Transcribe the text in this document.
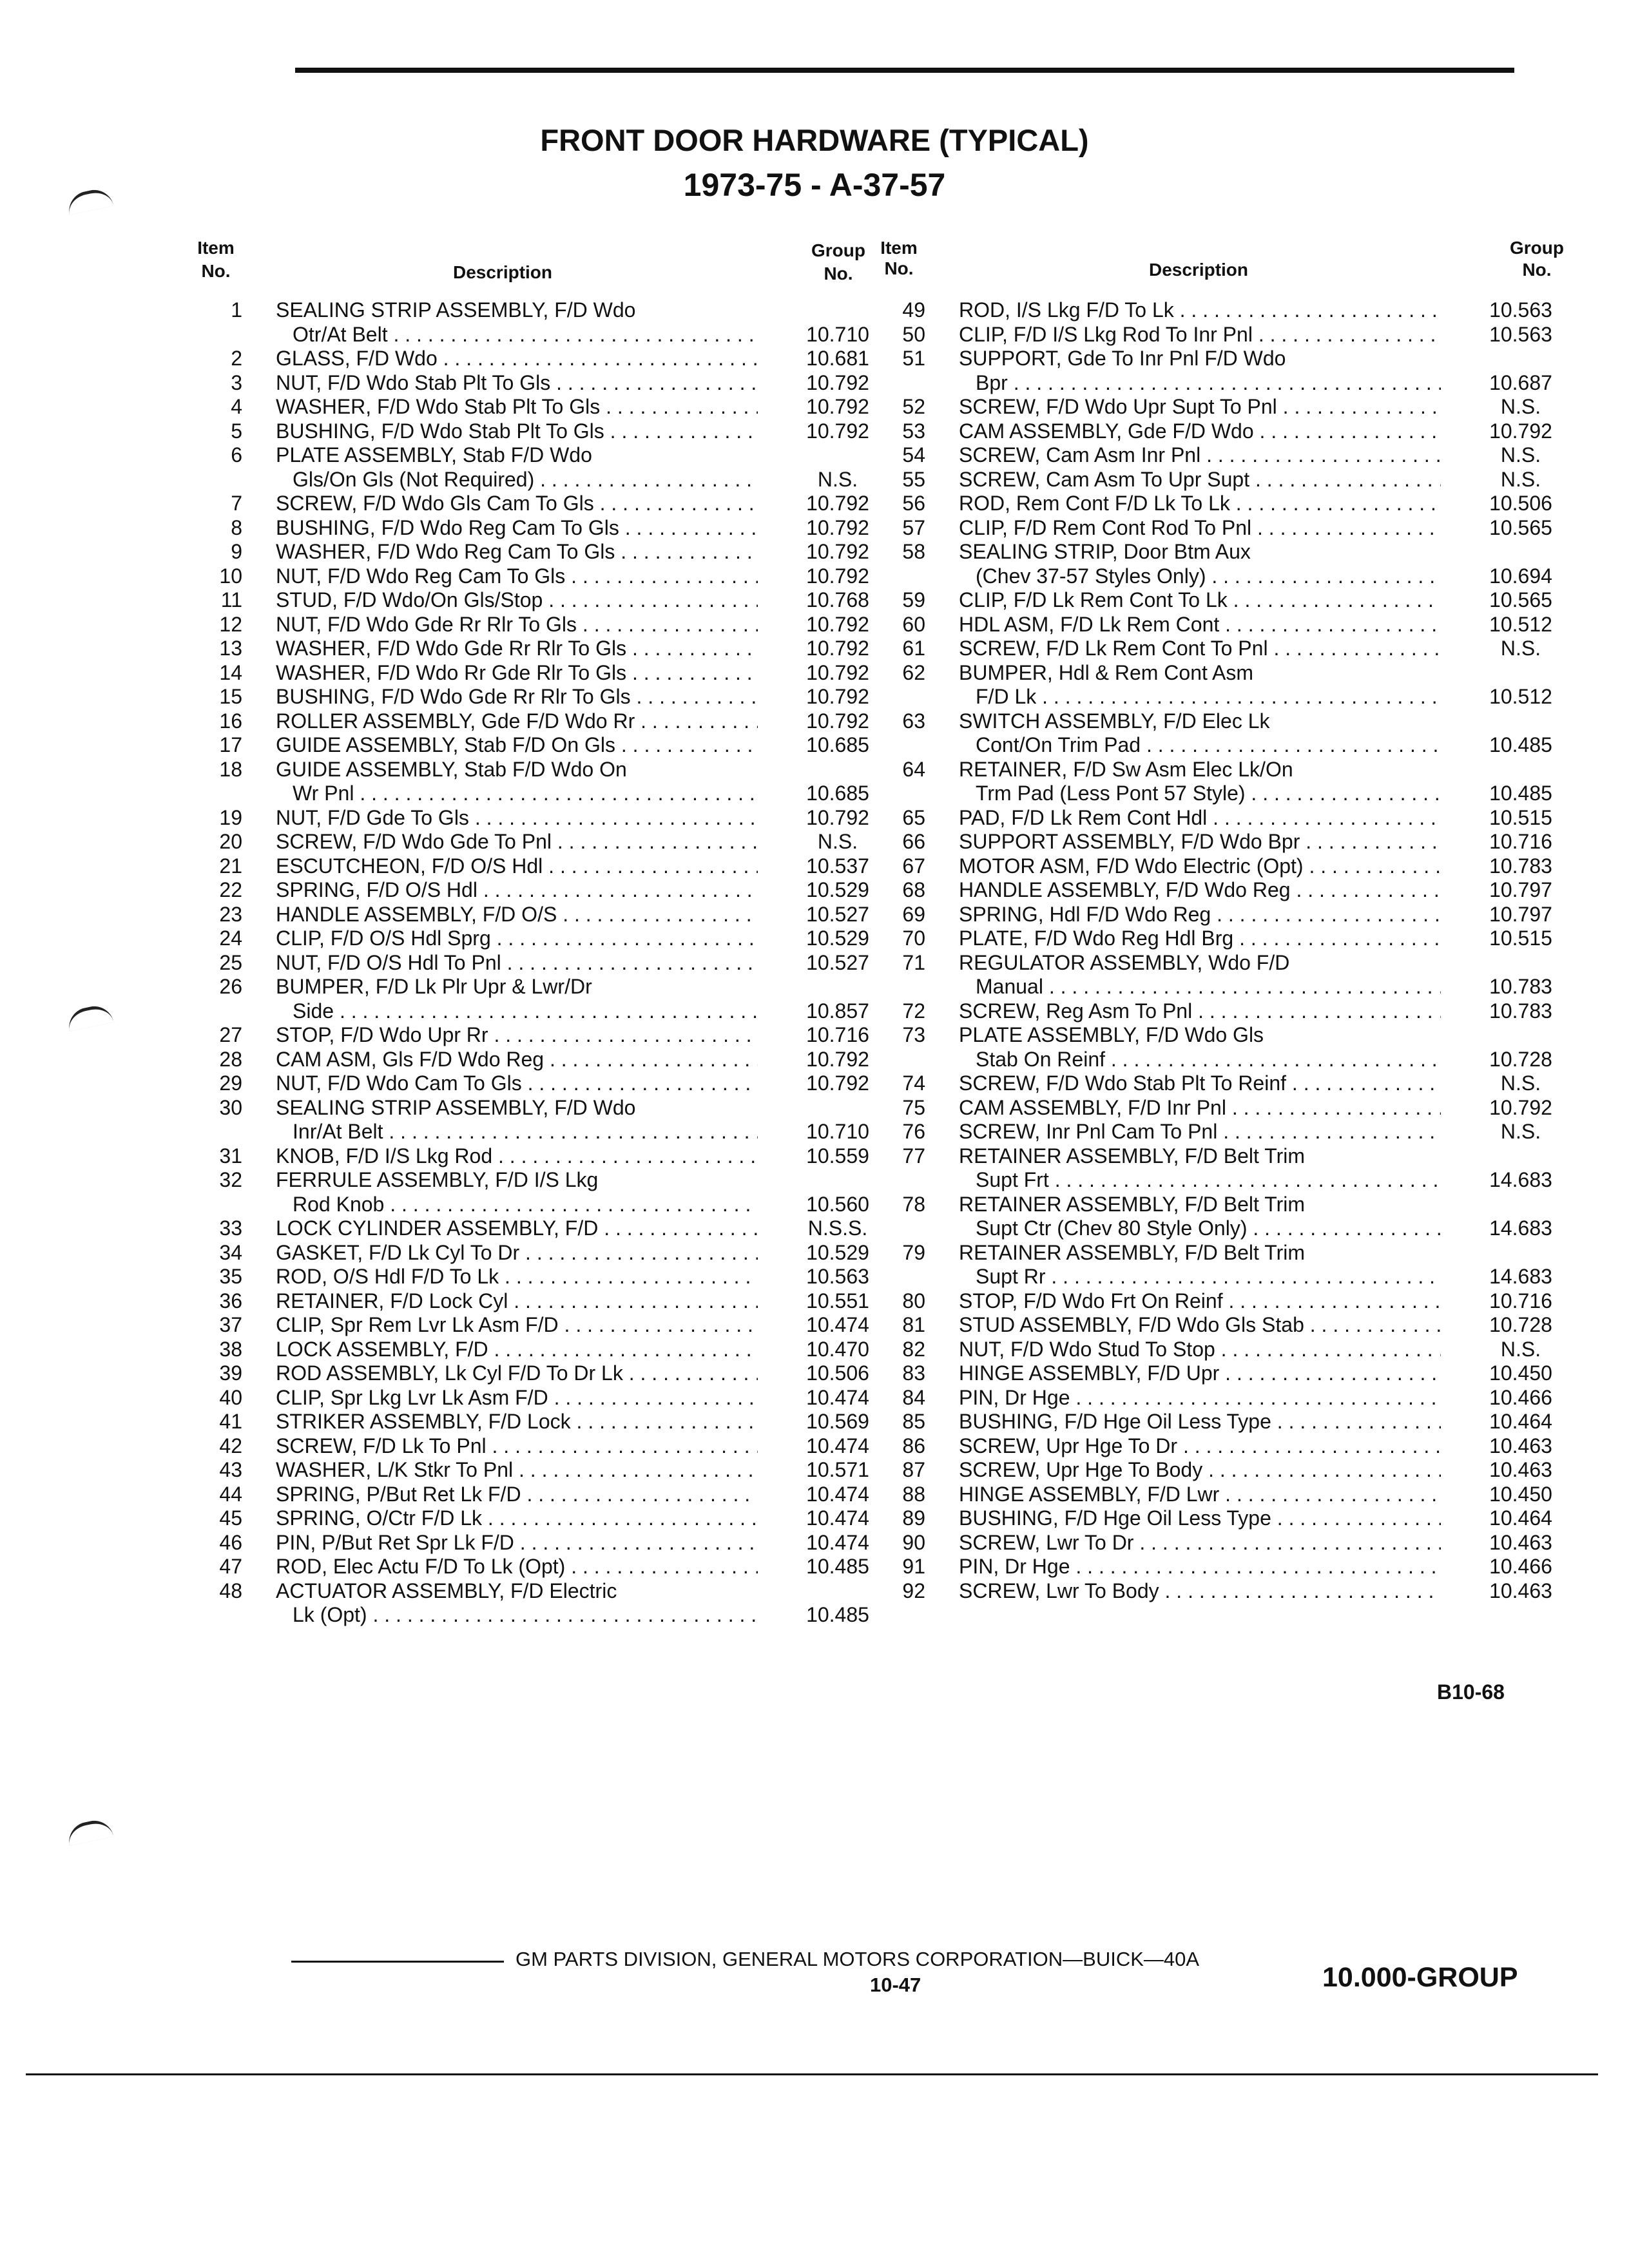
FRONT DOOR HARDWARE (TYPICAL)
1973-75 - A-37-57
Item
No.	Description
Group
No.
1 SEALING STRIP ASSEMBLY, F/D Wdo
Otr/At Belt . . .	10.710
2 GLASS, F/D Wdo . . .	10.681
3 NUT, F/D Wdo Stab Plt To Gls . . .	10.792
4 WASHER, F/D Wdo Stab Plt To Gls . . .	10.792
5 BUSHING, F/D Wdo Stab Plt To Gls . . .	10.792
6 PLATE ASSEMBLY, Stab F/D Wdo
Gls/On Gls (Not Required) . . .	N.S.
7 SCREW, F/D Wdo Gls Cam To Gls . . .	10.792
8 BUSHING, F/D Wdo Reg Cam To Gls . . .	10.792
9 WASHER, F/D Wdo Reg Cam To Gls . . .	10.792
10 NUT, F/D Wdo Reg Cam To Gls . . .	10.792
11 STUD, F/D Wdo/On Gls/Stop . . .	10.768
12 NUT, F/D Wdo Gde Rr Rlr To Gls . . .	10.792
13 WASHER, F/D Wdo Gde Rr Rlr To Gls . . .	10.792
14 WASHER, F/D Wdo Rr Gde Rlr To Gls . . .	10.792
15 BUSHING, F/D Wdo Gde Rr Rlr To Gls . . .	10.792
16 ROLLER ASSEMBLY, Gde F/D Wdo Rr . . .	10.792
17 GUIDE ASSEMBLY, Stab F/D On Gls . . .	10.685
18 GUIDE ASSEMBLY, Stab F/D Wdo On
Wr Pnl . . .	10.685
19 NUT, F/D Gde To Gls . . .	10.792
20 SCREW, F/D Wdo Gde To Pnl . . .	N.S.
21 ESCUTCHEON, F/D O/S Hdl . . .	10.537
22 SPRING, F/D O/S Hdl . . .	10.529
23 HANDLE ASSEMBLY, F/D O/S . . .	10.527
24 CLIP, F/D O/S Hdl Sprg . . .	10.529
25 NUT, F/D O/S Hdl To Pnl . . .	10.527
26 BUMPER, F/D Lk Plr Upr & Lwr/Dr
Side . . .	10.857
27 STOP, F/D Wdo Upr Rr . . .	10.716
28 CAM ASM, Gls F/D Wdo Reg . . .	10.792
29 NUT, F/D Wdo Cam To Gls . . .	10.792
30 SEALING STRIP ASSEMBLY, F/D Wdo
Inr/At Belt . . .	10.710
31 KNOB, F/D I/S Lkg Rod . . .	10.559
32 FERRULE ASSEMBLY, F/D I/S Lkg
Rod Knob . . .	10.560
33 LOCK CYLINDER ASSEMBLY, F/D . . .	N.S.S.
34 GASKET, F/D Lk Cyl To Dr . . .	10.529
35 ROD, O/S Hdl F/D To Lk . . .	10.563
36 RETAINER, F/D Lock Cyl . . .	10.551
37 CLIP, Spr Rem Lvr Lk Asm F/D . . .	10.474
38 LOCK ASSEMBLY, F/D . . .	10.470
39 ROD ASSEMBLY, Lk Cyl F/D To Dr Lk . . .	10.506
40 CLIP, Spr Lkg Lvr Lk Asm F/D . . .	10.474
41 STRIKER ASSEMBLY, F/D Lock . . .	10.569
42 SCREW, F/D Lk To Pnl . . .	10.474
43 WASHER, L/K Stkr To Pnl . . .	10.571
44 SPRING, P/But Ret Lk F/D . . .	10.474
45 SPRING, O/Ctr F/D Lk . . .	10.474
46 PIN, P/But Ret Spr Lk F/D . . .	10.474
47 ROD, Elec Actu F/D To Lk (Opt) . . .	10.485
48 ACTUATOR ASSEMBLY, F/D Electric
Lk (Opt) . . .	10.485
Item
No.	Description
Group
No.
49 ROD, I/S Lkg F/D To Lk . . .	10.563
50 CLIP, F/D I/S Lkg Rod To Inr Pnl . . .	10.563
51 SUPPORT, Gde To Inr Pnl F/D Wdo
Bpr . . .	10.687
52 SCREW, F/D Wdo Upr Supt To Pnl . . .	N.S.
53 CAM ASSEMBLY, Gde F/D Wdo . . .	10.792
54 SCREW, Cam Asm Inr Pnl . . .	N.S.
55 SCREW, Cam Asm To Upr Supt . . .	N.S.
56 ROD, Rem Cont F/D Lk To Lk . . .	10.506
57 CLIP, F/D Rem Cont Rod To Pnl . . .	10.565
58 SEALING STRIP, Door Btm Aux
(Chev 37-57 Styles Only) . . .	10.694
59 CLIP, F/D Lk Rem Cont To Lk . . .	10.565
60 HDL ASM, F/D Lk Rem Cont . . .	10.512
61 SCREW, F/D Lk Rem Cont To Pnl . . .	N.S.
62 BUMPER, Hdl & Rem Cont Asm
F/D Lk . . .	10.512
63 SWITCH ASSEMBLY, F/D Elec Lk
Cont/On Trim Pad . . .	10.485
64 RETAINER, F/D Sw Asm Elec Lk/On
Trm Pad (Less Pont 57 Style) . . .	10.485
65 PAD, F/D Lk Rem Cont Hdl . . .	10.515
66 SUPPORT ASSEMBLY, F/D Wdo Bpr . . .	10.716
67 MOTOR ASM, F/D Wdo Electric (Opt) . . .	10.783
68 HANDLE ASSEMBLY, F/D Wdo Reg . . .	10.797
69 SPRING, Hdl F/D Wdo Reg . . .	10.797
70 PLATE, F/D Wdo Reg Hdl Brg . . .	10.515
71 REGULATOR ASSEMBLY, Wdo F/D
Manual . . .	10.783
72 SCREW, Reg Asm To Pnl . . .	10.783
73 PLATE ASSEMBLY, F/D Wdo Gls
Stab On Reinf . . .	10.728
74 SCREW, F/D Wdo Stab Plt To Reinf . . .	N.S.
75 CAM ASSEMBLY, F/D Inr Pnl . . .	10.792
76 SCREW, Inr Pnl Cam To Pnl . . .	N.S.
77 RETAINER ASSEMBLY, F/D Belt Trim
Supt Frt . . .	14.683
78 RETAINER ASSEMBLY, F/D Belt Trim
Supt Ctr (Chev 80 Style Only) . . .	14.683
79 RETAINER ASSEMBLY, F/D Belt Trim
Supt Rr . . .	14.683
80 STOP, F/D Wdo Frt On Reinf . . .	10.716
81 STUD ASSEMBLY, F/D Wdo Gls Stab . . .	10.728
82 NUT, F/D Wdo Stud To Stop . . .	N.S.
83 HINGE ASSEMBLY, F/D Upr . . .	10.450
84 PIN, Dr Hge . . .	10.466
85 BUSHING, F/D Hge Oil Less Type . . .	10.464
86 SCREW, Upr Hge To Dr . . .	10.463
87 SCREW, Upr Hge To Body . . .	10.463
88 HINGE ASSEMBLY, F/D Lwr . . .	10.450
89 BUSHING, F/D Hge Oil Less Type . . .	10.464
90 SCREW, Lwr To Dr . . .	10.463
91 PIN, Dr Hge . . .	10.466
92 SCREW, Lwr To Body . . .	10.463
B10-68
GM PARTS DIVISION, GENERAL MOTORS CORPORATION—BUICK—40A
10-47	10.000-GROUP
